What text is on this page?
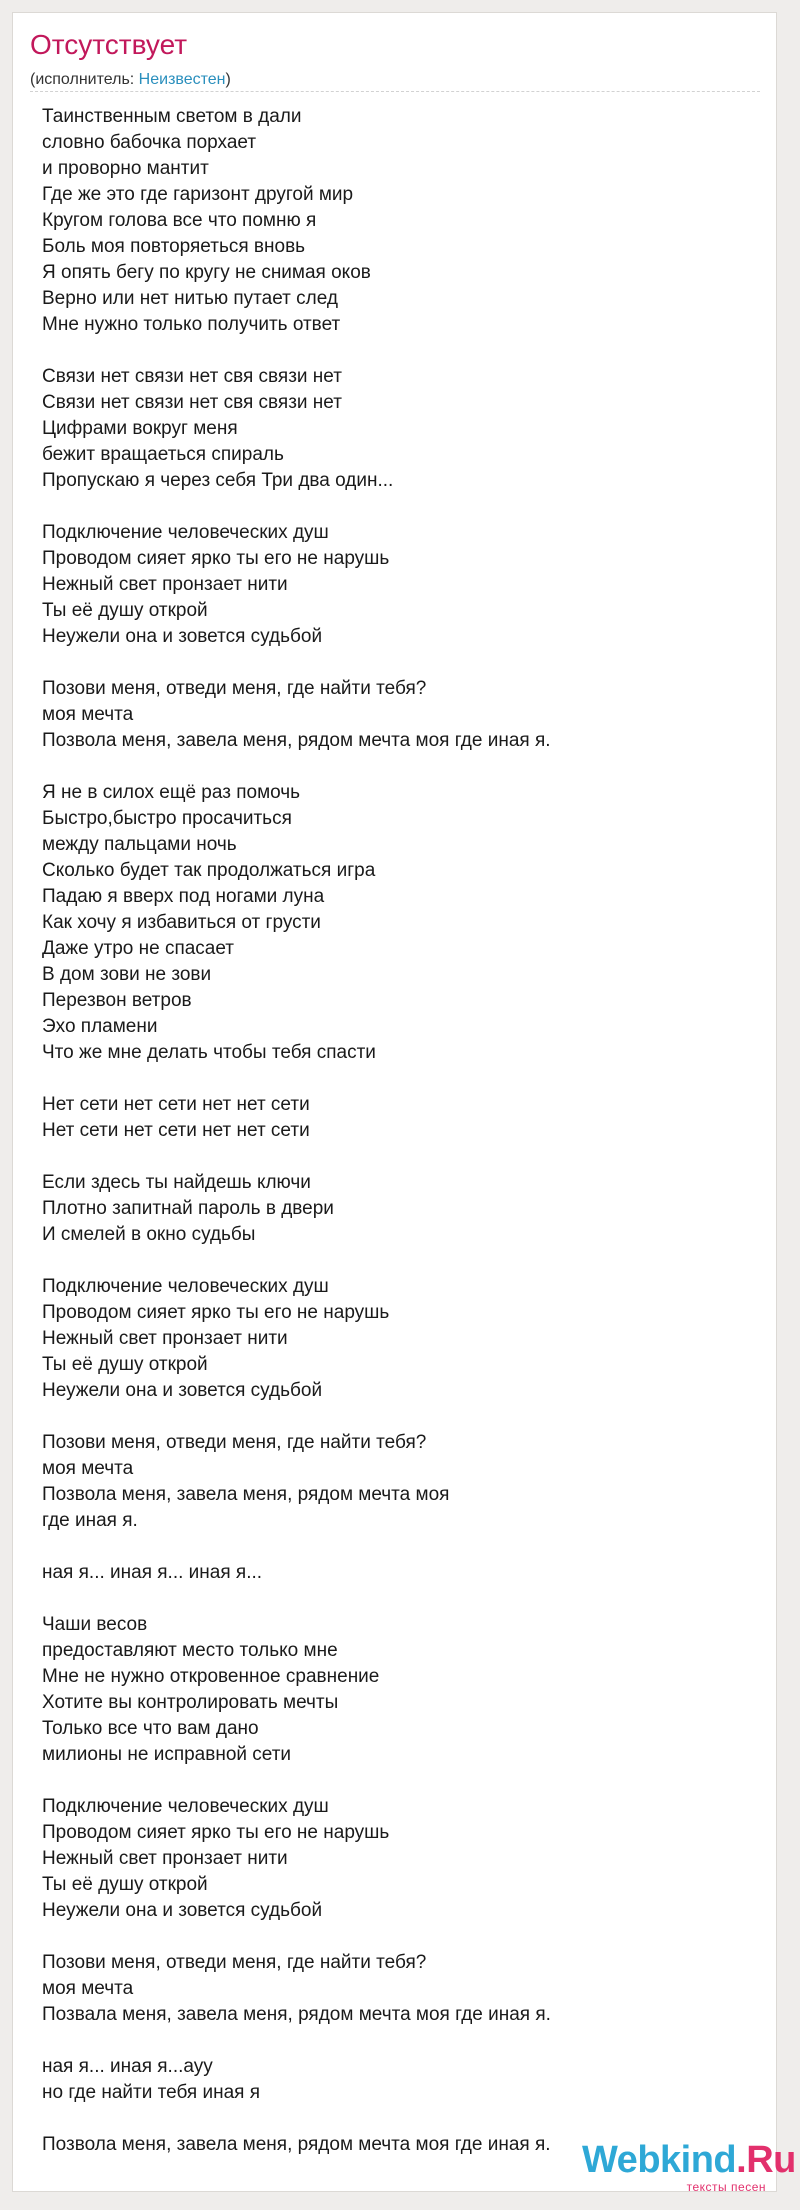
Отсутствует
(исполнитель: Неизвестен)
Таинственным светом в дали
словно бабочка порхает
и проворно мантит
Где же это где гаризонт другой мир
Кругом голова все что помню я
Боль моя повторяеться вновь
Я опять бегу по кругу не снимая оков
Верно или нет нитью путает след
Мне нужно только получить ответ
Связи нет связи нет свя связи нет
Связи нет связи нет свя связи нет
Цифрами вокруг меня
бежит вращаеться спираль
Пропускаю я через себя Три два один...
Подключение человеческих душ
Проводом сияет ярко ты его не нарушь
Нежный свет пронзает нити
Ты её душу открой
Неужели она и зовется судьбой
Позови меня, отведи меня, где найти тебя?
моя мечта
Позвола меня, завела меня, рядом мечта моя где иная я.
Я не в силох ещё раз помочь
Быстро,быстро просачиться
между пальцами ночь
Сколько будет так продолжаться игра
Падаю я вверх под ногами луна
Как хочу я избавиться от грусти
Даже утро не спасает
В дом зови не зови
Перезвон ветров
Эхо пламени
Что же мне делать чтобы тебя спасти
Нет сети нет сети нет нет сети
Нет сети нет сети нет нет сети
Если здесь ты найдешь ключи
Плотно запитнай пароль в двери
И смелей в окно судьбы
Подключение человеческих душ
Проводом сияет ярко ты его не нарушь
Нежный свет пронзает нити
Ты её душу открой
Неужели она и зовется судьбой
Позови меня, отведи меня, где найти тебя?
моя мечта
Позвола меня, завела меня, рядом мечта моя
где иная я.
ная я... иная я... иная я...
Чаши весов
предоставляют место только мне
Мне не нужно откровенное сравнение
Хотите вы контролировать мечты
Только все что вам дано
милионы не исправной сети
Подключение человеческих душ
Проводом сияет ярко ты его не нарушь
Нежный свет пронзает нити
Ты её душу открой
Неужели она и зовется судьбой
Позови меня, отведи меня, где найти тебя?
моя мечта
Позвала меня, завела меня, рядом мечта моя где иная я.
ная я... иная я...ауу
но где найти тебя иная я
Позвола меня, завела меня, рядом мечта моя где иная я. Webkind.Ru
тексты песен
